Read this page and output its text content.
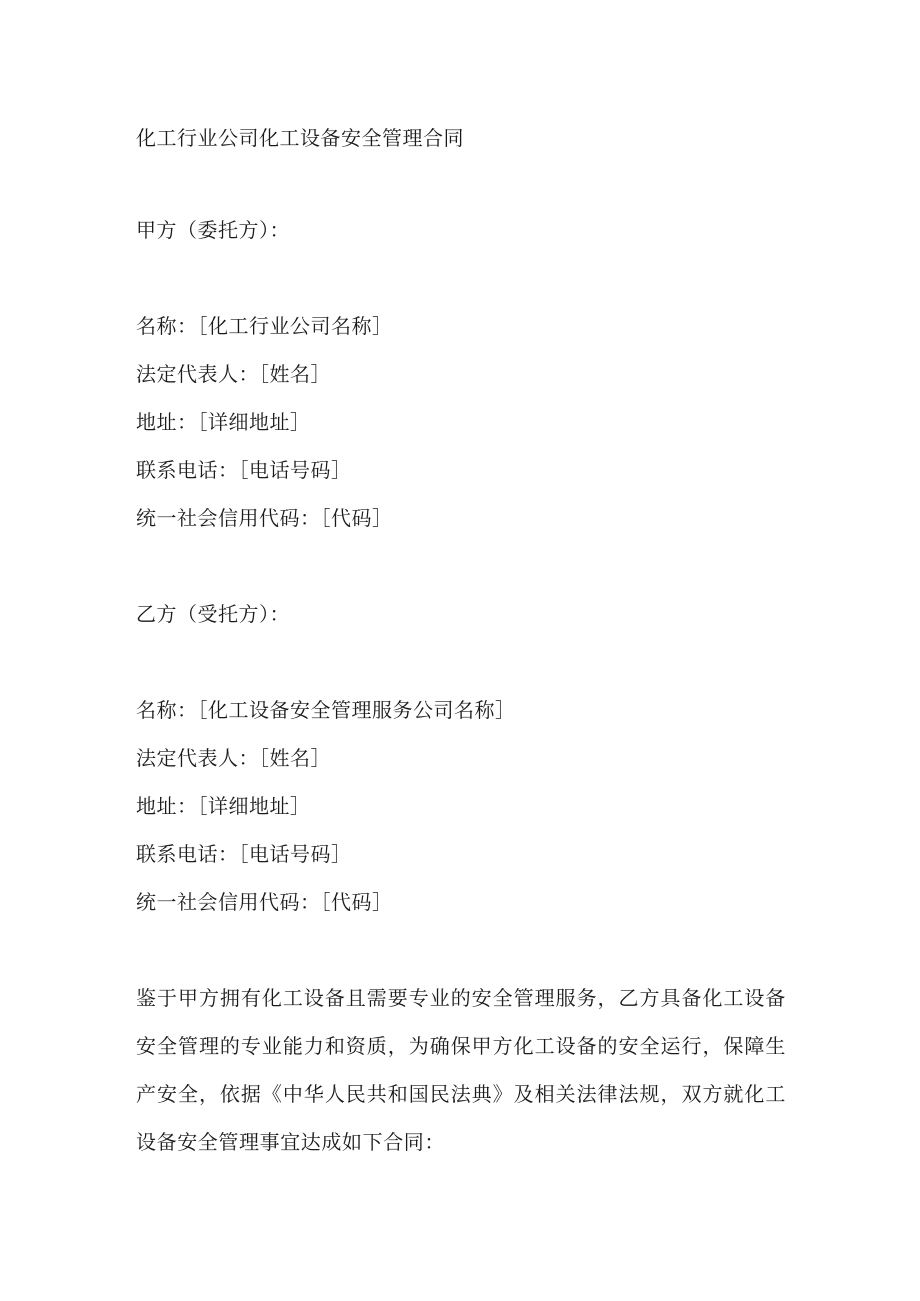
化工行业公司化工设备安全管理合同
甲方（委托方）：
名称：［化工行业公司名称］
法定代表人：［姓名］
地址：［详细地址］
联系电话：［电话号码］
统一社会信用代码：［代码］
乙方（受托方）：
名称：［化工设备安全管理服务公司名称］
法定代表人：［姓名］
地址：［详细地址］
联系电话：［电话号码］
统一社会信用代码：［代码］
鉴于甲方拥有化工设备且需要专业的安全管理服务，乙方具备化工设备安全管理的专业能力和资质，为确保甲方化工设备的安全运行，保障生产安全，依据《中华人民共和国民法典》及相关法律法规，双方就化工设备安全管理事宜达成如下合同：
